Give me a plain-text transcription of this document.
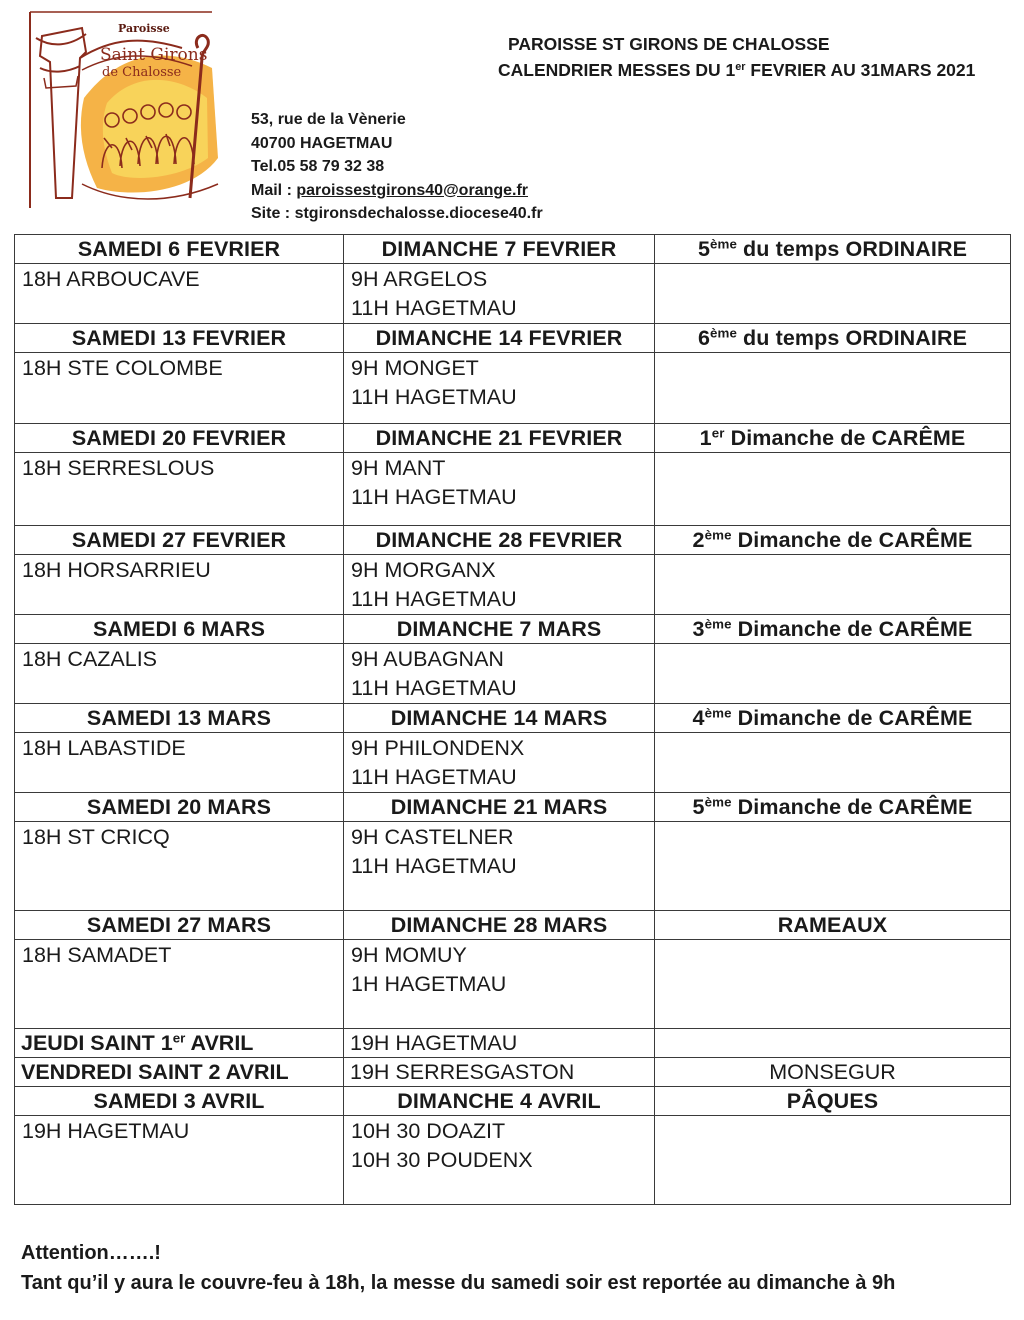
Paroisse
Saint Girons
de Chalosse
PAROISSE ST GIRONS DE CHALOSSE
CALENDRIER MESSES DU 1er FEVRIER AU 31MARS 2021
53, rue de la Vènerie
40700 HAGETMAU
Tel.05 58 79 32 38
Mail : paroissestgirons40@orange.fr
Site : stgironsdechalosse.diocese40.fr
SAMEDI 6 FEVRIER	DIMANCHE 7 FEVRIER	5ème du temps ORDINAIRE

18H ARBOUCAVE	9H ARGELOS
11H HAGETMAU	

SAMEDI 13 FEVRIER	DIMANCHE 14 FEVRIER	6ème du temps ORDINAIRE

18H STE COLOMBE	9H MONGET
11H HAGETMAU	

SAMEDI 20 FEVRIER	DIMANCHE 21 FEVRIER	1er Dimanche de CARÊME

18H SERRESLOUS	9H MANT
11H HAGETMAU	

SAMEDI 27 FEVRIER	DIMANCHE 28 FEVRIER	2ème Dimanche de CARÊME

18H HORSARRIEU	9H MORGANX
11H HAGETMAU	

SAMEDI 6 MARS	DIMANCHE 7 MARS	3ème Dimanche de CARÊME

18H CAZALIS	9H AUBAGNAN
11H HAGETMAU	

SAMEDI 13 MARS	DIMANCHE 14 MARS	4ème Dimanche de CARÊME

18H LABASTIDE	9H PHILONDENX
11H HAGETMAU	

SAMEDI 20 MARS	DIMANCHE 21 MARS	5ème Dimanche de CARÊME

18H ST CRICQ	9H CASTELNER
11H HAGETMAU	

SAMEDI 27 MARS	DIMANCHE 28 MARS	RAMEAUX

18H SAMADET	9H MOMUY
1H HAGETMAU	

JEUDI SAINT 1er AVRIL	19H HAGETMAU	
VENDREDI SAINT 2 AVRIL	19H SERRESGASTON	MONSEGUR
SAMEDI 3 AVRIL	DIMANCHE 4 AVRIL	PÂQUES

19H HAGETMAU	10H 30 DOAZIT
10H 30 POUDENX	

Attention…….!
Tant qu’il y aura le couvre-feu à 18h, la messe du samedi soir est reportée au dimanche à 9h
